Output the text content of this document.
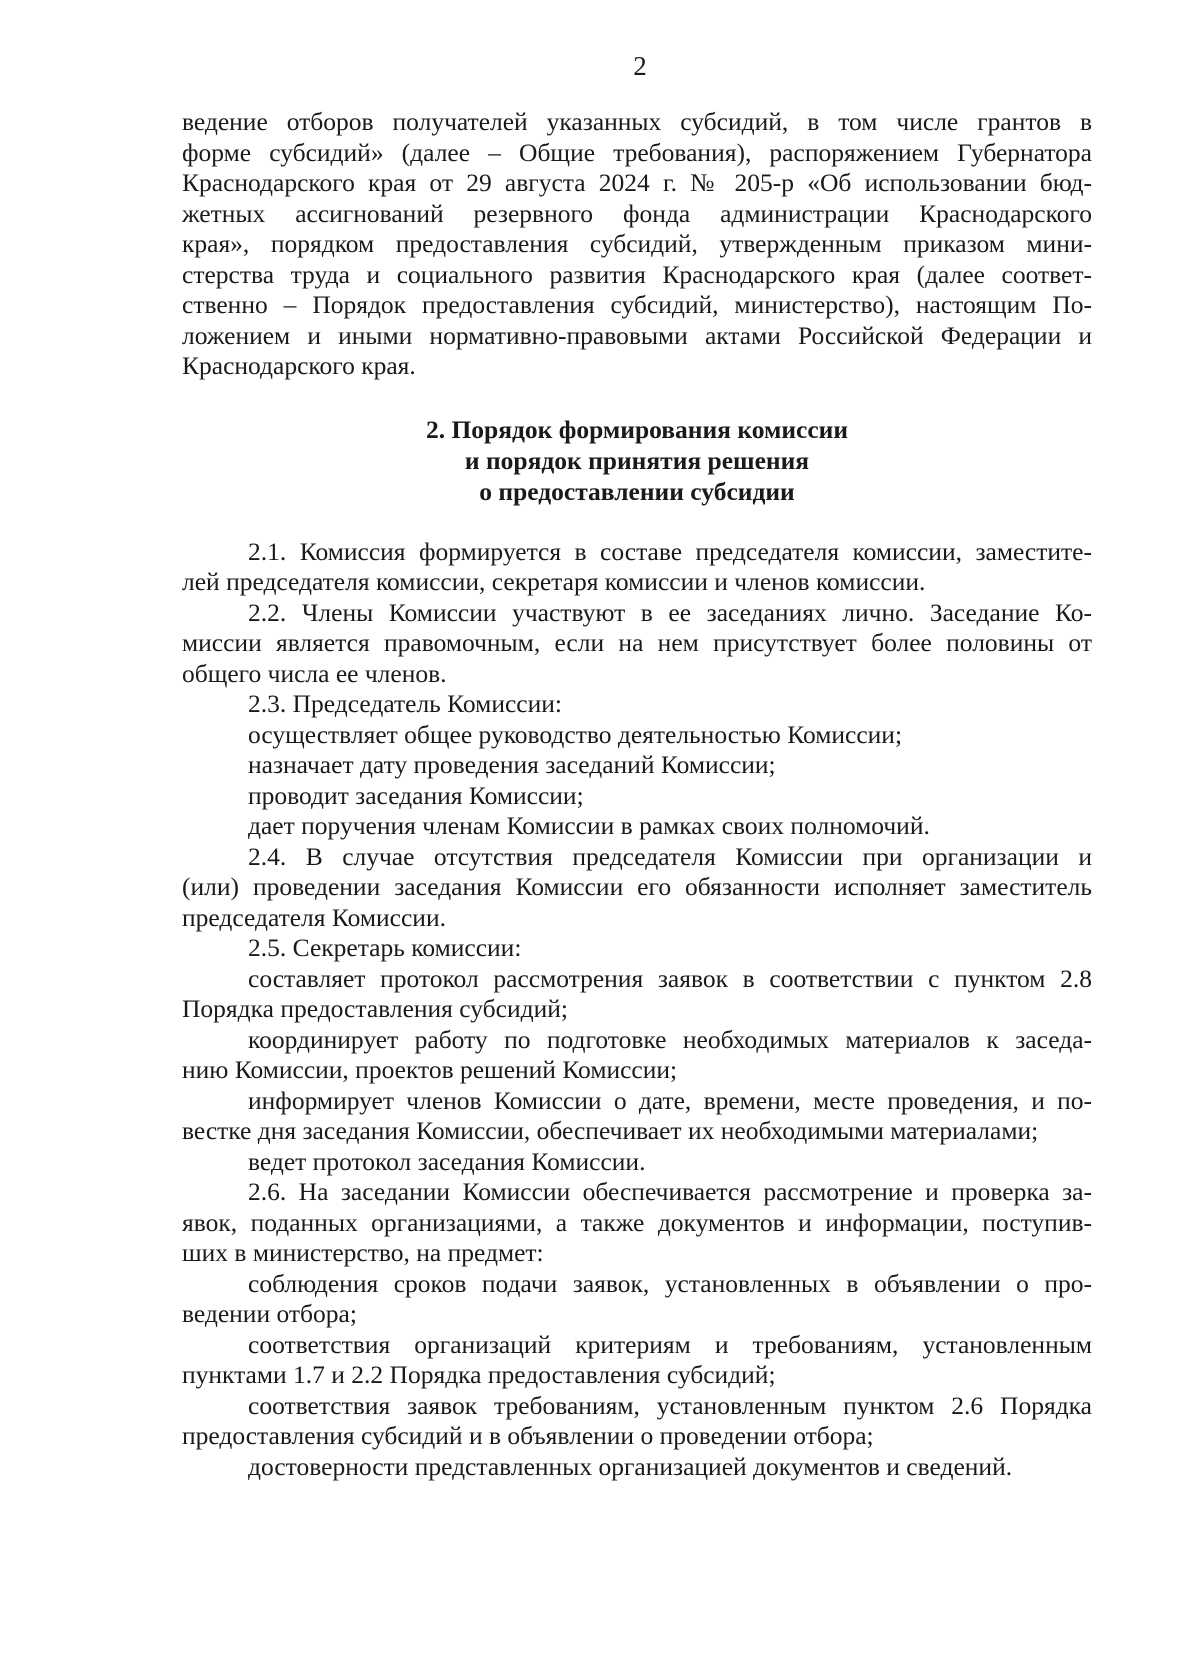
2
ведение отборов получателей указанных субсидий, в том числе грантов в
форме субсидий» (далее – Общие требования), распоряжением Губернатора
Краснодарского края от 29 августа 2024 г. № 205-р «Об использовании бюд-
жетных ассигнований резервного фонда администрации Краснодарского
края», порядком предоставления субсидий, утвержденным приказом мини-
стерства труда и социального развития Краснодарского края (далее соответ-
ственно – Порядок предоставления субсидий, министерство), настоящим По-
ложением и иными нормативно-правовыми актами Российской Федерации и
Краснодарского края.
2. Порядок формирования комиссии
и порядок принятия решения
о предоставлении субсидии
2.1. Комиссия формируется в составе председателя комиссии, заместите-
лей председателя комиссии, секретаря комиссии и членов комиссии.
2.2. Члены Комиссии участвуют в ее заседаниях лично. Заседание Ко-
миссии является правомочным, если на нем присутствует более половины от
общего числа ее членов.
2.3. Председатель Комиссии:
осуществляет общее руководство деятельностью Комиссии;
назначает дату проведения заседаний Комиссии;
проводит заседания Комиссии;
дает поручения членам Комиссии в рамках своих полномочий.
2.4. В случае отсутствия председателя Комиссии при организации и
(или) проведении заседания Комиссии его обязанности исполняет заместитель
председателя Комиссии.
2.5. Секретарь комиссии:
составляет протокол рассмотрения заявок в соответствии с пунктом 2.8
Порядка предоставления субсидий;
координирует работу по подготовке необходимых материалов к заседа-
нию Комиссии, проектов решений Комиссии;
информирует членов Комиссии о дате, времени, месте проведения, и по-
вестке дня заседания Комиссии, обеспечивает их необходимыми материалами;
ведет протокол заседания Комиссии.
2.6. На заседании Комиссии обеспечивается рассмотрение и проверка за-
явок, поданных организациями, а также документов и информации, поступив-
ших в министерство, на предмет:
соблюдения сроков подачи заявок, установленных в объявлении о про-
ведении отбора;
соответствия организаций критериям и требованиям, установленным
пунктами 1.7 и 2.2 Порядка предоставления субсидий;
соответствия заявок требованиям, установленным пунктом 2.6 Порядка
предоставления субсидий и в объявлении о проведении отбора;
достоверности представленных организацией документов и сведений.
